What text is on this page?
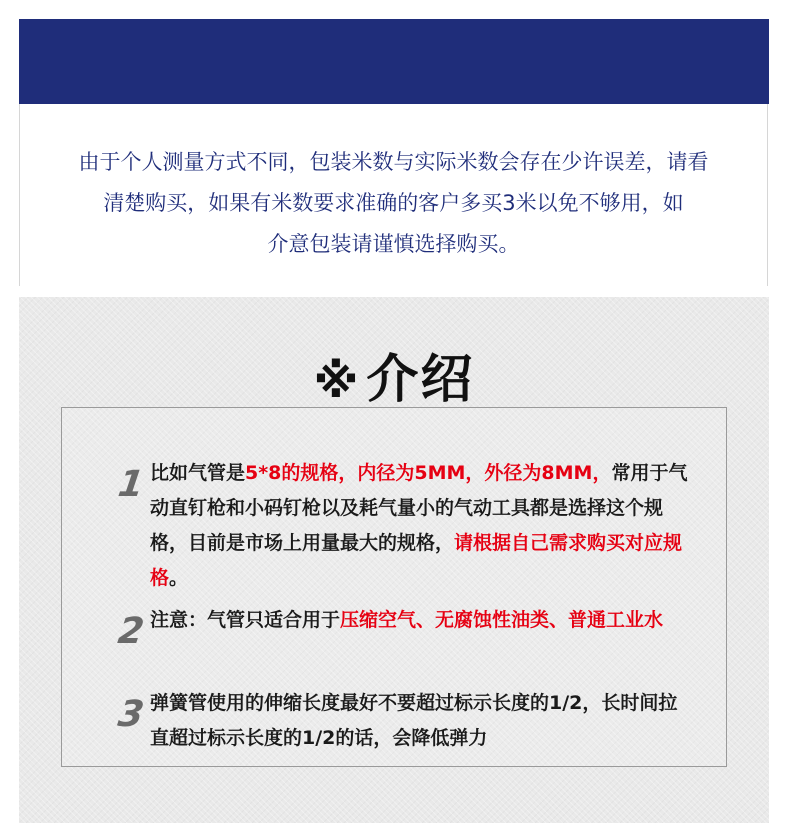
由于个人测量方式不同，包装米数与实际米数会存在少许误差，请看
清楚购买，如果有米数要求准确的客户多买3米以免不够用，如
介意包装请谨慎选择购买。
※ 介绍
1 比如气管是5*8的规格，内径为5MM，外径为8MM，常用于气动直钉枪和小码钉枪以及耗气量小的气动工具都是选择这个规格，目前是市场上用量最大的规格，请根据自己需求购买对应规格。
2 注意：气管只适合用于压缩空气、无腐蚀性油类、普通工业水
3 弹簧管使用的伸缩长度最好不要超过标示长度的1/2，长时间拉直超过标示长度的1/2的话，会降低弹力
